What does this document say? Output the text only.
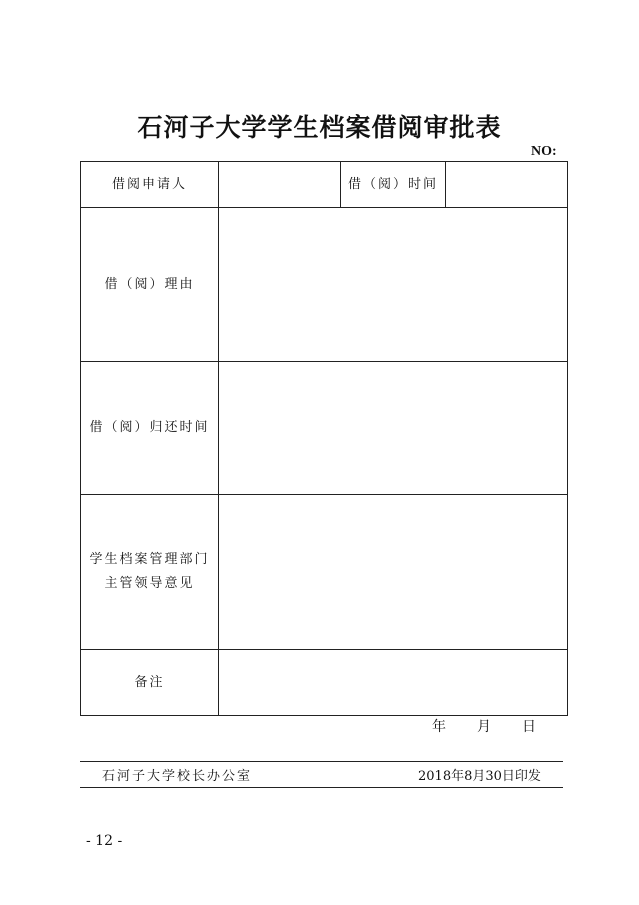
石河子大学学生档案借阅审批表
NO:
借阅申请人		借（阅）时间	
借（阅）理由			
借（阅）归还时间			

学生档案管理部门
主管领导意见			

备注			
年 月 日
石河子大学校长办公室	2018年8月30日印发
- 12 -
